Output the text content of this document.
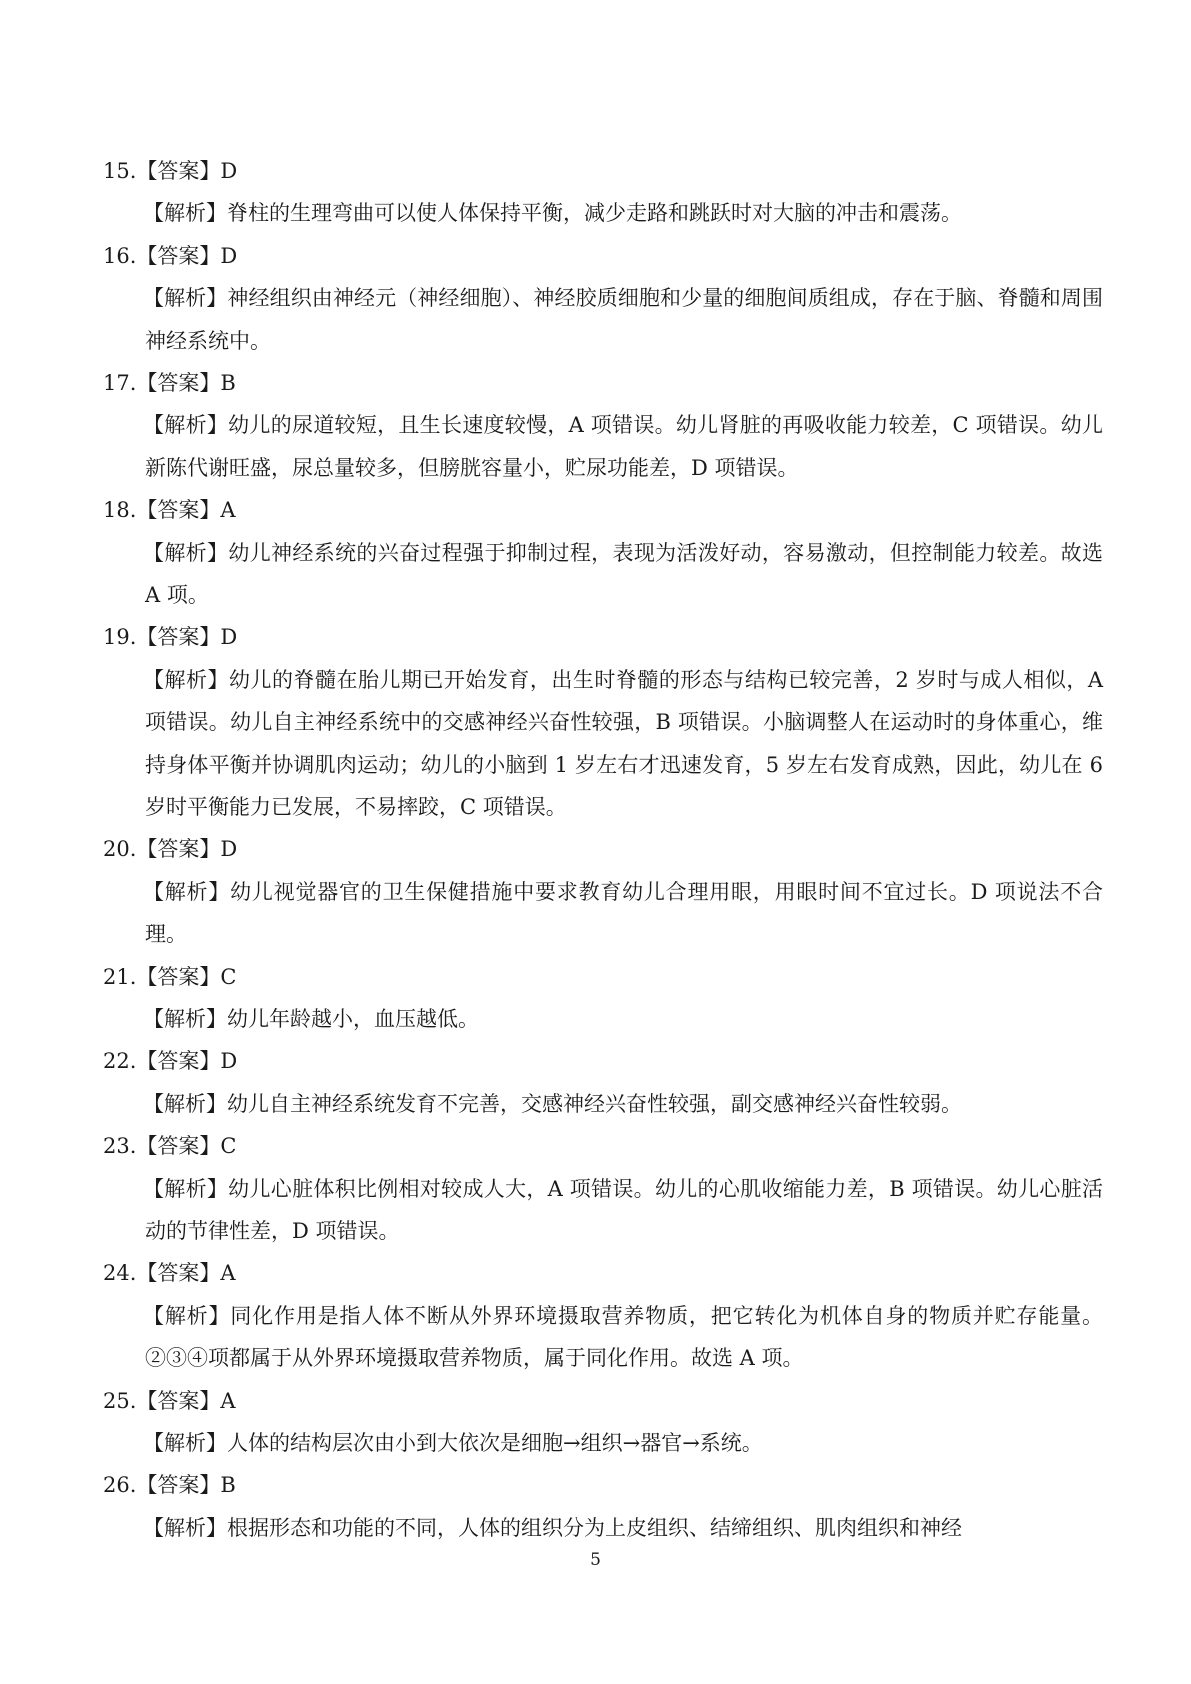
15.【答案】D
【解析】脊柱的生理弯曲可以使人体保持平衡，减少走路和跳跃时对大脑的冲击和震荡。
16.【答案】D
【解析】神经组织由神经元（神经细胞）、神经胶质细胞和少量的细胞间质组成，存在于脑、脊髓和周围神经系统中。
17.【答案】B
【解析】幼儿的尿道较短，且生长速度较慢，A 项错误。幼儿肾脏的再吸收能力较差，C 项错误。幼儿新陈代谢旺盛，尿总量较多，但膀胱容量小，贮尿功能差，D 项错误。
18.【答案】A
【解析】幼儿神经系统的兴奋过程强于抑制过程，表现为活泼好动，容易激动，但控制能力较差。故选 A 项。
19.【答案】D
【解析】幼儿的脊髓在胎儿期已开始发育，出生时脊髓的形态与结构已较完善，2 岁时与成人相似，A 项错误。幼儿自主神经系统中的交感神经兴奋性较强，B 项错误。小脑调整人在运动时的身体重心，维持身体平衡并协调肌肉运动；幼儿的小脑到 1 岁左右才迅速发育，5 岁左右发育成熟，因此，幼儿在 6 岁时平衡能力已发展，不易摔跤，C 项错误。
20.【答案】D
【解析】幼儿视觉器官的卫生保健措施中要求教育幼儿合理用眼，用眼时间不宜过长。D 项说法不合理。
21.【答案】C
【解析】幼儿年龄越小，血压越低。
22.【答案】D
【解析】幼儿自主神经系统发育不完善，交感神经兴奋性较强，副交感神经兴奋性较弱。
23.【答案】C
【解析】幼儿心脏体积比例相对较成人大，A 项错误。幼儿的心肌收缩能力差，B 项错误。幼儿心脏活动的节律性差，D 项错误。
24.【答案】A
【解析】同化作用是指人体不断从外界环境摄取营养物质，把它转化为机体自身的物质并贮存能量。②③④项都属于从外界环境摄取营养物质，属于同化作用。故选 A 项。
25.【答案】A
【解析】人体的结构层次由小到大依次是细胞→组织→器官→系统。
26.【答案】B
【解析】根据形态和功能的不同，人体的组织分为上皮组织、结缔组织、肌肉组织和神经
5
